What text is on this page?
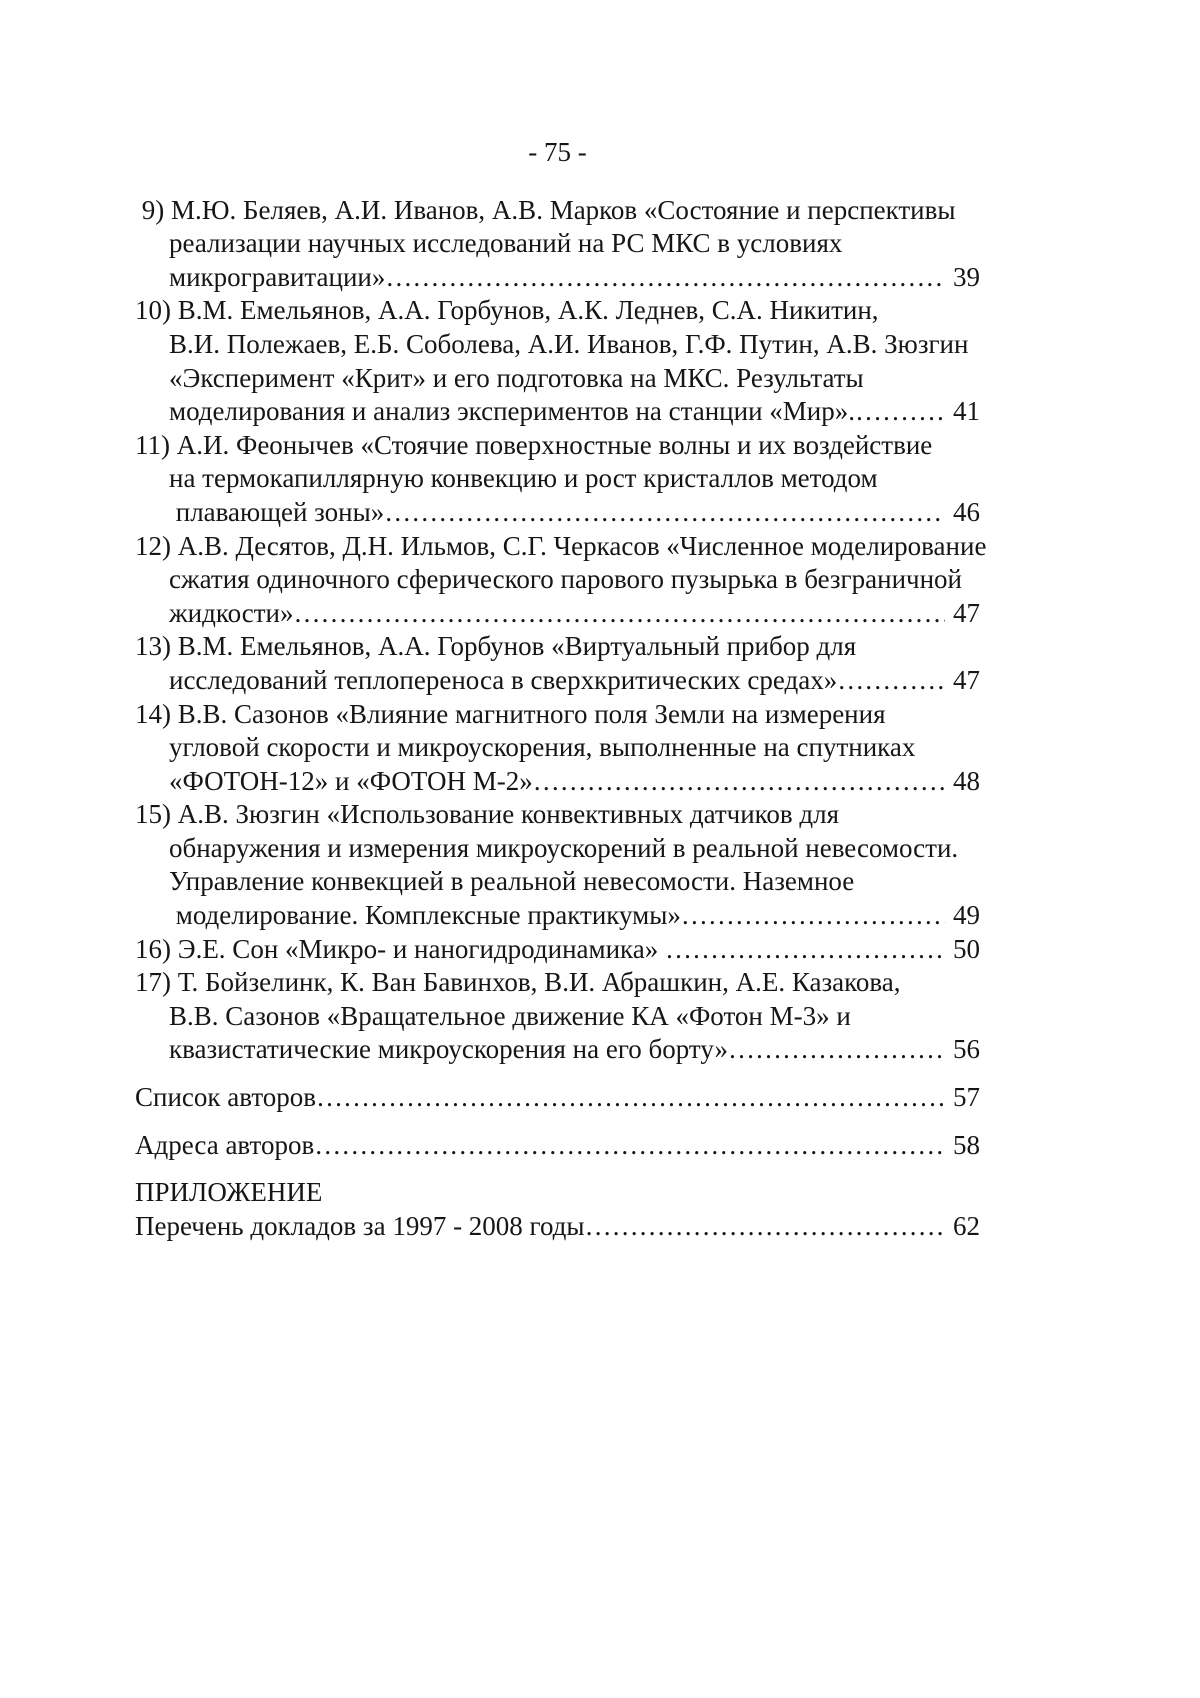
- 75 -
9) М.Ю. Беляев, А.И. Иванов, А.В. Марков «Состояние и перспективы
реализации научных исследований на РС МКС в условиях
микрогравитации» ……………………………………………………………………………………………………………………………………	39
10) В.М. Емельянов, А.А. Горбунов, А.К. Леднев, С.А. Никитин,
В.И. Полежаев, Е.Б. Соболева, А.И. Иванов, Г.Ф. Путин, А.В. Зюзгин
«Эксперимент «Крит» и его подготовка на МКС. Результаты
моделирования и анализ экспериментов на станции «Мир». ……………………………………………………………………………………………………………………………………	41
11) А.И. Феонычев «Стоячие поверхностные волны и их воздействие
на термокапиллярную конвекцию и рост кристаллов методом
плавающей зоны» ……………………………………………………………………………………………………………………………………	46
12) А.В. Десятов, Д.Н. Ильмов, С.Г. Черкасов «Численное моделирование
сжатия одиночного сферического парового пузырька в безграничной
жидкости» ……………………………………………………………………………………………………………………………………	47
13) В.М. Емельянов, А.А. Горбунов «Виртуальный прибор для
исследований теплопереноса в сверхкритических средах» ……………………………………………………………………………………………………………………………………	47
14) В.В. Сазонов «Влияние магнитного поля Земли на измерения
угловой скорости и микроускорения, выполненные на спутниках
«ФОТОН-12» и «ФОТОН М-2» ……………………………………………………………………………………………………………………………………	48
15) А.В. Зюзгин «Использование конвективных датчиков для
обнаружения и измерения микроускорений в реальной невесомости.
Управление конвекцией в реальной невесомости. Наземное
моделирование. Комплексные практикумы» ……………………………………………………………………………………………………………………………………	49
16) Э.Е. Сон «Микро- и наногидродинамика» ……………………………………………………………………………………………………………………………………	50
17) Т. Бойзелинк, К. Ван Бавинхов, В.И. Абрашкин, А.Е. Казакова,
В.В. Сазонов «Вращательное движение КА «Фотон М-3» и
квазистатические микроускорения на его борту» ……………………………………………………………………………………………………………………………………	56
Список авторов ……………………………………………………………………………………………………………………………………	57
Адреса авторов ……………………………………………………………………………………………………………………………………	58
ПРИЛОЖЕНИЕ
Перечень докладов за 1997 - 2008 годы ……………………………………………………………………………………………………………………………………	62
